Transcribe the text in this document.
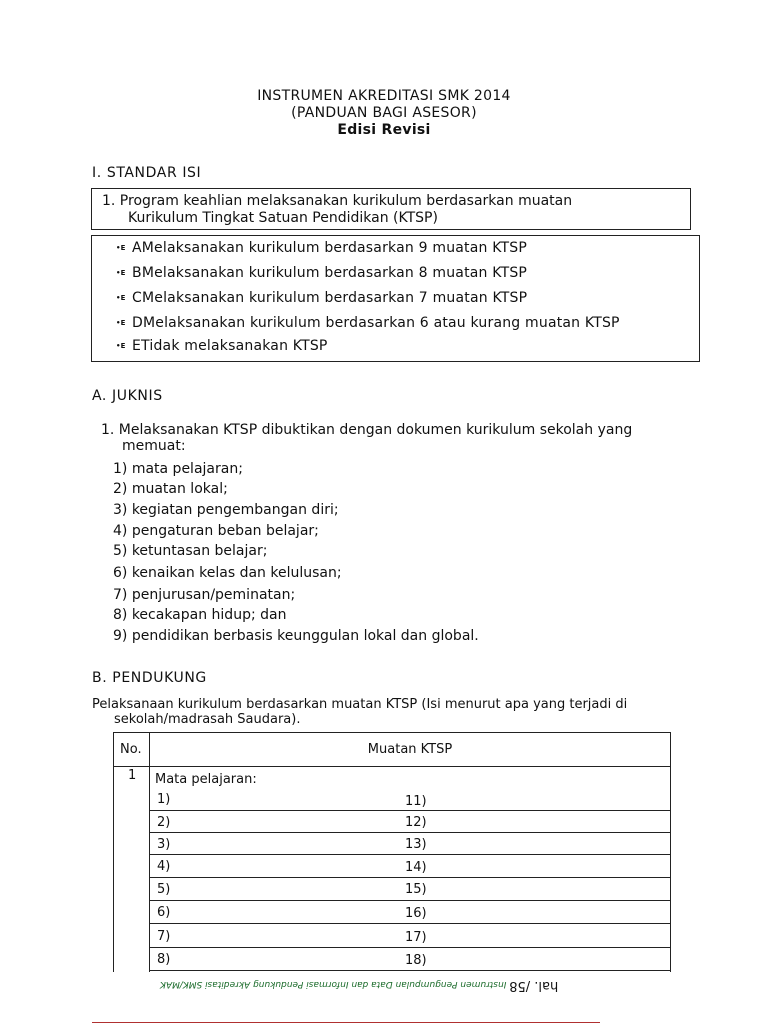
INSTRUMEN AKREDITASI SMK 2014
(PANDUAN BAGI ASESOR)
Edisi Revisi
I. STANDAR ISI
1. Program keahlian melaksanakan kurikulum berdasarkan muatan
Kurikulum Tingkat Satuan Pendidikan (KTSP)
•E AMelaksanakan kurikulum berdasarkan 9 muatan KTSP
•E BMelaksanakan kurikulum berdasarkan 8 muatan KTSP
•E CMelaksanakan kurikulum berdasarkan 7 muatan KTSP
•E DMelaksanakan kurikulum berdasarkan 6 atau kurang muatan KTSP
•E ETidak melaksanakan KTSP
A. JUKNIS
1. Melaksanakan KTSP dibuktikan dengan dokumen kurikulum sekolah yang
memuat:
1) mata pelajaran;
2) muatan lokal;
3) kegiatan pengembangan diri;
4) pengaturan beban belajar;
5) ketuntasan belajar;
6) kenaikan kelas dan kelulusan;
7) penjurusan/peminatan;
8) kecakapan hidup; dan
9) pendidikan berbasis keunggulan lokal dan global.
B. PENDUKUNG
Pelaksanaan kurikulum berdasarkan muatan KTSP (Isi menurut apa yang terjadi di
sekolah/madrasah Saudara).
No.	Muatan KTSP
1 Mata pelajaran:
1)	11)
2)	12)
3)	13)
4)	14)
5)	15)
6)	16)
7)	17)
8)	18)
hal. /58 Instrumen Pengumpulan Data dan Informasi Pendukung Akreditasi SMK/MAK
